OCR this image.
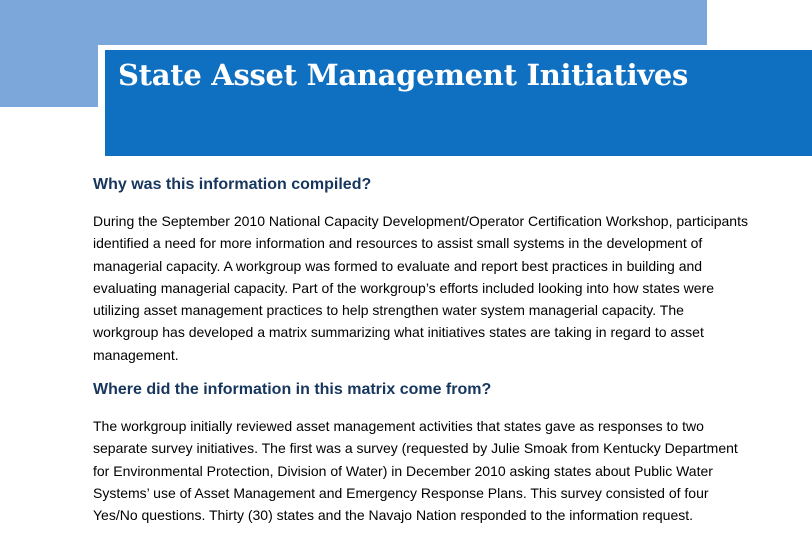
State Asset Management Initiatives
Why was this information compiled?

During the September 2010 National Capacity Development/Operator Certification Workshop, participants identified a need for more information and resources to assist small systems in the development of managerial capacity. A workgroup was formed to evaluate and report best practices in building and evaluating managerial capacity. Part of the workgroup’s efforts included looking into how states were utilizing asset management practices to help strengthen water system managerial capacity. The workgroup has developed a matrix summarizing what initiatives states are taking in regard to asset management.

Where did the information in this matrix come from?

The workgroup initially reviewed asset management activities that states gave as responses to two separate survey initiatives. The first was a survey (requested by Julie Smoak from Kentucky Department for Environmental Protection, Division of Water) in December 2010 asking states about Public Water Systems’ use of Asset Management and Emergency Response Plans. This survey consisted of four Yes/No questions. Thirty (30) states and the Navajo Nation responded to the information request.
